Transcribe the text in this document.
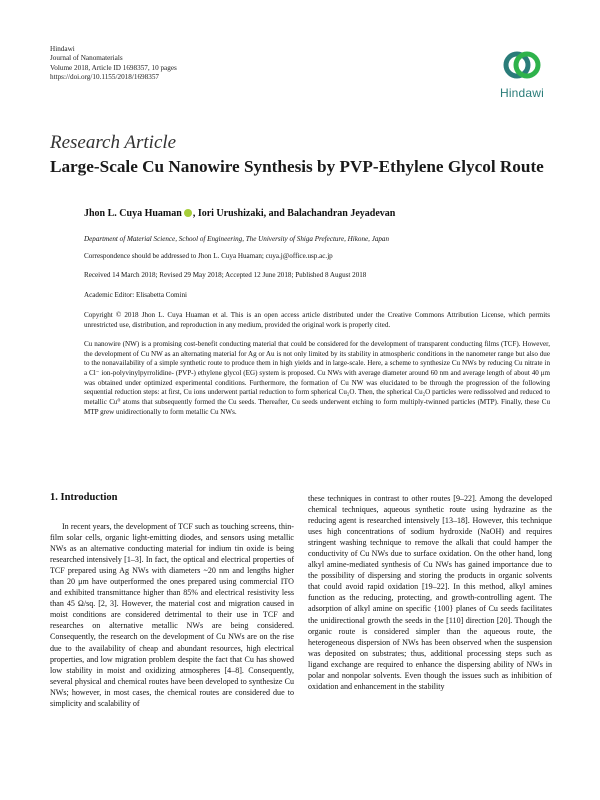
Hindawi
Journal of Nanomaterials
Volume 2018, Article ID 1698357, 10 pages
https://doi.org/10.1155/2018/1698357
Hindawi
Research Article
Large-Scale Cu Nanowire Synthesis by PVP-Ethylene Glycol Route
Jhon L. Cuya Huaman , Iori Urushizaki, and Balachandran Jeyadevan
Department of Material Science, School of Engineering, The University of Shiga Prefecture, Hikone, Japan
Correspondence should be addressed to Jhon L. Cuya Huaman; cuya.j@office.usp.ac.jp
Received 14 March 2018; Revised 29 May 2018; Accepted 12 June 2018; Published 8 August 2018
Academic Editor: Elisabetta Comini
Copyright © 2018 Jhon L. Cuya Huaman et al. This is an open access article distributed under the Creative Commons Attribution License, which permits unrestricted use, distribution, and reproduction in any medium, provided the original work is properly cited.
Cu nanowire (NW) is a promising cost-benefit conducting material that could be considered for the development of transparent conducting films (TCF). However, the development of Cu NW as an alternating material for Ag or Au is not only limited by its stability in atmospheric conditions in the nanometer range but also due to the nonavailability of a simple synthetic route to produce them in high yields and in large-scale. Here, a scheme to synthesize Cu NWs by reducing Cu nitrate in a Cl⁻ ion-polyvinylpyrrolidine- (PVP-) ethylene glycol (EG) system is proposed. Cu NWs with average diameter around 60 nm and average length of about 40 μm was obtained under optimized experimental conditions. Furthermore, the formation of Cu NW was elucidated to be through the progression of the following sequential reduction steps: at first, Cu ions underwent partial reduction to form spherical Cu₂O. Then, the spherical Cu₂O particles were redissolved and reduced to metallic Cu⁰ atoms that subsequently formed the Cu seeds. Thereafter, Cu seeds underwent etching to form multiply-twinned particles (MTP). Finally, these Cu MTP grew unidirectionally to form metallic Cu NWs.
1. Introduction

In recent years, the development of TCF such as touching screens, thin-film solar cells, organic light-emitting diodes, and sensors using metallic NWs as an alternative conducting material for indium tin oxide is being researched intensively [1–3]. In fact, the optical and electrical properties of TCF prepared using Ag NWs with diameters ~20 nm and lengths higher than 20 μm have outperformed the ones prepared using commercial ITO and exhibited transmittance higher than 85% and electrical resistivity less than 45 Ω/sq. [2, 3]. However, the material cost and migration caused in moist conditions are considered detrimental to their use in TCF and researches on alternative metallic NWs are being considered. Consequently, the research on the development of Cu NWs are on the rise due to the availability of cheap and abundant resources, high electrical properties, and low migration problem despite the fact that Cu has showed low stability in moist and oxidizing atmospheres [4–8]. Consequently, several physical and chemical routes have been developed to synthesize Cu NWs; however, in most cases, the chemical routes are considered due to simplicity and scalability of

these techniques in contrast to other routes [9–22]. Among the developed chemical techniques, aqueous synthetic route using hydrazine as the reducing agent is researched intensively [13–18]. However, this technique uses high concentrations of sodium hydroxide (NaOH) and requires stringent washing technique to remove the alkali that could hamper the conductivity of Cu NWs due to surface oxidation. On the other hand, long alkyl amine-mediated synthesis of Cu NWs has gained importance due to the possibility of dispersing and storing the products in organic solvents that could avoid rapid oxidation [19–22]. In this method, alkyl amines function as the reducing, protecting, and growth-controlling agent. The adsorption of alkyl amine on specific {100} planes of Cu seeds facilitates the unidirectional growth the seeds in the [110] direction [20]. Though the organic route is considered simpler than the aqueous route, the heterogeneous dispersion of NWs has been observed when the suspension was deposited on substrates; thus, additional processing steps such as ligand exchange are required to enhance the dispersing ability of NWs in polar and nonpolar solvents. Even though the issues such as inhibition of oxidation and enhancement in the stability
